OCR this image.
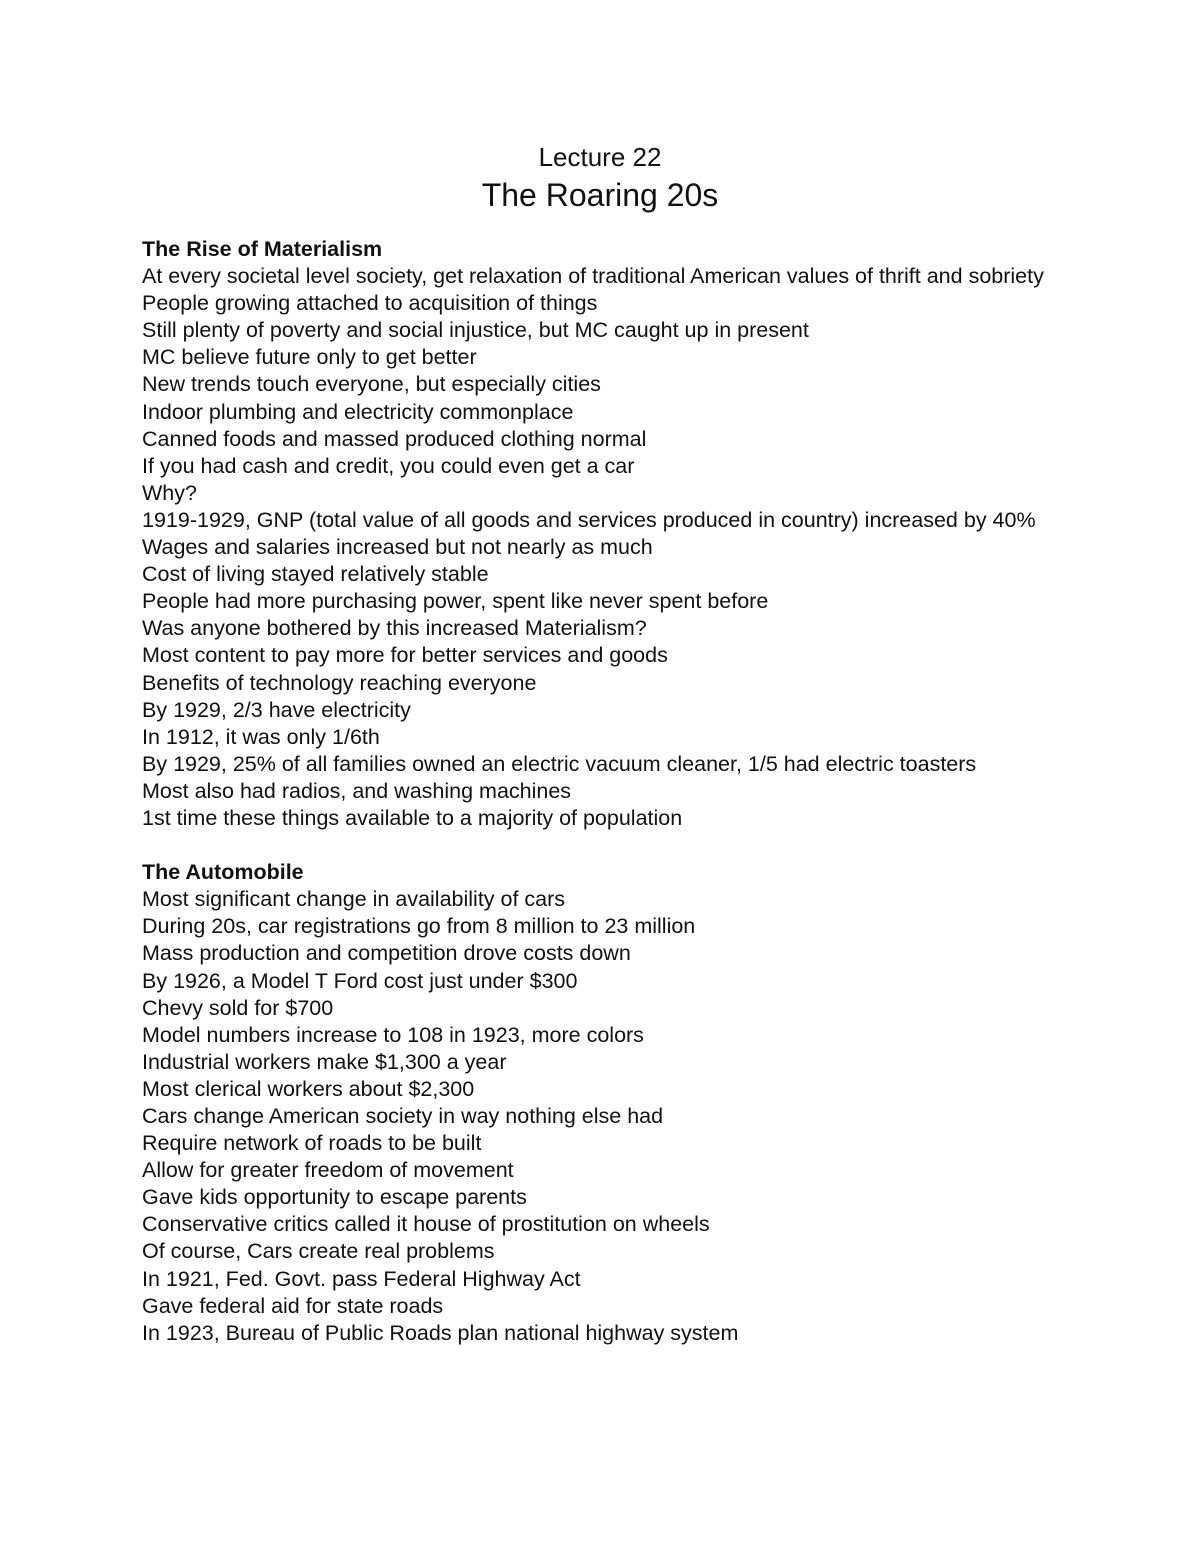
Lecture 22
The Roaring 20s

The Rise of Materialism

At every societal level society, get relaxation of traditional American values of thrift and sobriety

People growing attached to acquisition of things

Still plenty of poverty and social injustice, but MC caught up in present

MC believe future only to get better

New trends touch everyone, but especially cities

Indoor plumbing and electricity commonplace

Canned foods and massed produced clothing normal

If you had cash and credit, you could even get a car

Why?

1919-1929, GNP (total value of all goods and services produced in country) increased by 40%

Wages and salaries increased but not nearly as much

Cost of living stayed relatively stable

People had more purchasing power, spent like never spent before

Was anyone bothered by this increased Materialism?

Most content to pay more for better services and goods

Benefits of technology reaching everyone

By 1929, 2/3 have electricity

In 1912, it was only 1/6th

By 1929, 25% of all families owned an electric vacuum cleaner, 1/5 had electric toasters

Most also had radios, and washing machines

1st time these things available to a majority of population

The Automobile

Most significant change in availability of cars

During 20s, car registrations go from 8 million to 23 million

Mass production and competition drove costs down

By 1926, a Model T Ford cost just under $300

Chevy sold for $700

Model numbers increase to 108 in 1923, more colors

Industrial workers make $1,300 a year

Most clerical workers about $2,300

Cars change American society in way nothing else had

Require network of roads to be built

Allow for greater freedom of movement

Gave kids opportunity to escape parents

Conservative critics called it house of prostitution on wheels

Of course, Cars create real problems

In 1921, Fed. Govt. pass Federal Highway Act

Gave federal aid for state roads

In 1923, Bureau of Public Roads plan national highway system
